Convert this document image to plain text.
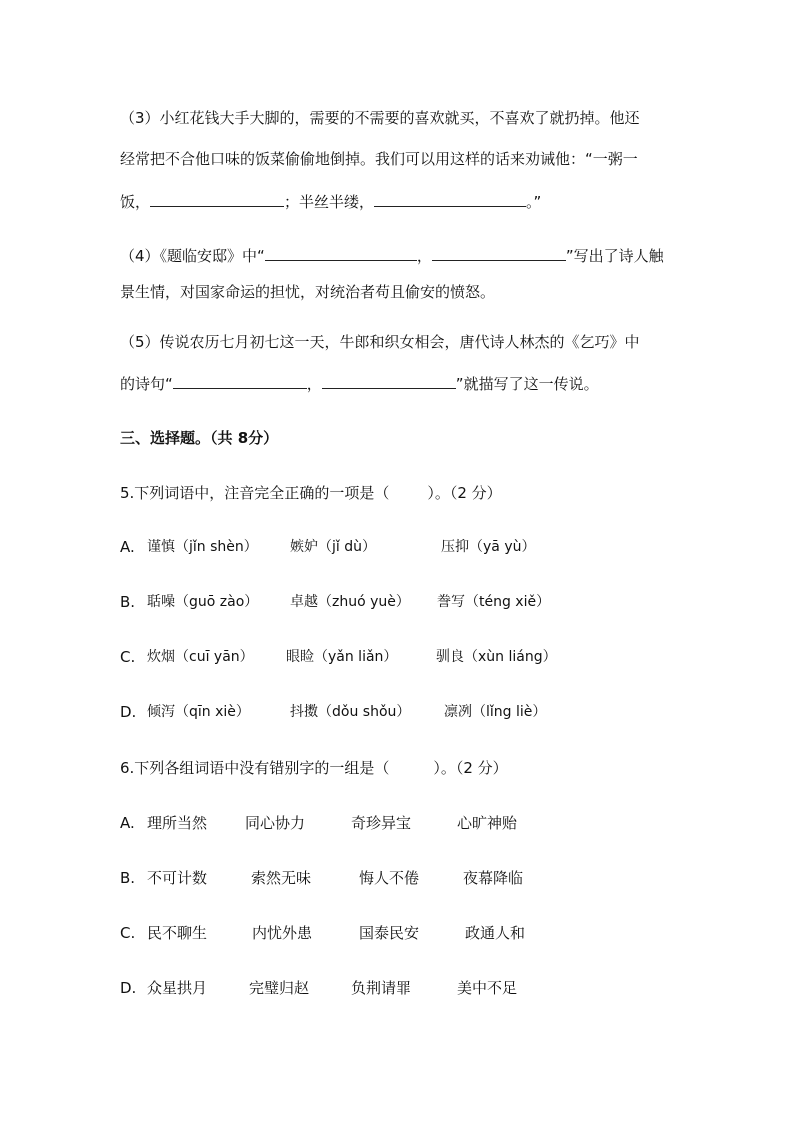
（3）小红花钱大手大脚的，需要的不需要的喜欢就买，不喜欢了就扔掉。他还
经常把不合他口味的饭菜偷偷地倒掉。我们可以用这样的话来劝诫他：“一粥一
饭，	；半丝半缕，	。”
（4）《题临安邸》中“	，	”写出了诗人触
景生情，对国家命运的担忧，对统治者苟且偷安的愤怒。
（5）传说农历七月初七这一天，牛郎和织女相会，唐代诗人林杰的《乞巧》中
的诗句“	，	”就描写了这一传说。
三、选择题。（共 8分）
5.下列词语中，注音完全正确的一项是（	）。（2 分）
A. 谨慎（jǐn shèn） 嫉妒（jǐ dù）	压抑（yā yù）
B. 聒噪（guō zào） 卓越（zhuó yuè） 誊写（téng xiě）
C. 炊烟（cuī yān） 眼睑（yǎn liǎn）	驯良（xùn liáng）
D. 倾泻（qīn xiè）	抖擞（dǒu shǒu） 凛冽（lǐng liè）
6.下列各组词语中没有错别字的一组是（	）。（2 分）
A. 理所当然	同心协力	奇珍异宝	心旷神贻
B. 不可计数	索然无味	悔人不倦	夜幕降临
C. 民不聊生	内忧外患	国泰民安	政通人和
D. 众星拱月	完璧归赵	负荆请罪	美中不足
